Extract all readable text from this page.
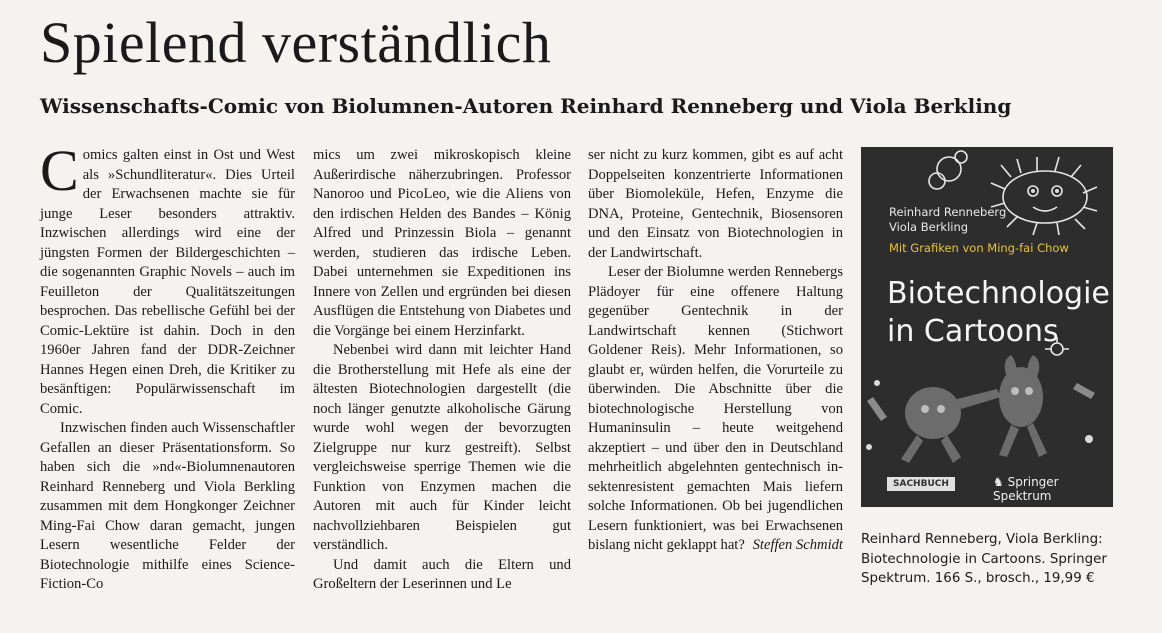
Spielend verständlich
Wissenschafts-Comic von Biolumnen-Autoren Reinhard Renneberg und Viola Berkling

Comics galten einst in Ost und West als »Schundliteratur«. Dies Urteil der Erwachsenen machte sie für junge Leser besonders attraktiv. Inzwischen allerdings wird eine der jüngsten Formen der Bildergeschichten – die sogenannten Graphic Novels – auch im Feuilleton der Qualitätszeitungen besprochen. Das rebellische Gefühl bei der Comic-Lektüre ist dahin. Doch in den 1960er Jahren fand der DDR-Zeichner Hannes Hegen einen Dreh, die Kritiker zu besänftigen: Populärwissenschaft im Comic.

Inzwischen finden auch Wissenschaftler Gefallen an dieser Präsentationsform. So haben sich die »nd«-Biolumnenautoren Reinhard Renneberg und Viola Berkling zusammen mit dem Hongkonger Zeichner Ming-Fai Chow daran gemacht, jungen Lesern wesentliche Felder der Biotechnologie mithilfe eines Science-Fiction-Co

mics um zwei mikroskopisch kleine Außerirdische näherzubringen. Professor Nanoroo und PicoLeo, wie die Aliens von den irdischen Helden des Bandes – König Alfred und Prinzessin Biola – genannt werden, studieren das irdische Leben. Dabei unternehmen sie Expeditionen ins Innere von Zellen und ergründen bei diesen Ausflügen die Entstehung von Diabetes und die Vorgänge bei einem Herzinfarkt.

Nebenbei wird dann mit leichter Hand die Brotherstellung mit Hefe als eine der ältesten Biotechnologien dargestellt (die noch länger genutzte alkoholische Gärung wurde wohl wegen der bevorzugten Zielgruppe nur kurz gestreift). Selbst vergleichsweise sperrige Themen wie die Funktion von Enzymen machen die Autoren mit auch für Kinder leicht nachvollziehbaren Beispielen gut verständlich.

Und damit auch die Eltern und Großeltern der Leserinnen und Le

ser nicht zu kurz kommen, gibt es auf acht Doppelseiten konzentrierte Informationen über Biomoleküle, Hefen, Enzyme die DNA, Proteine, Gentechnik, Biosensoren und den Einsatz von Biotechnologien in der Landwirtschaft.

Leser der Biolumne werden Rennebergs Plädoyer für eine offenere Haltung gegenüber Gentechnik in der Landwirtschaft kennen (Stichwort Goldener Reis). Mehr Informationen, so glaubt er, würden helfen, die Vorurteile zu überwinden. Die Abschnitte über die biotechnologische Herstellung von Humaninsulin – heute weitgehend akzeptiert – und über den in Deutschland mehrheitlich abgelehnten gentechnisch insektenresistent gemachten Mais liefern solche Informationen. Ob bei jugendlichen Lesern funktioniert, was bei Erwachsenen bislang nicht geklappt hat? Steffen Schmidt
Reinhard Renneberg
Viola Berkling
Mit Grafiken von Ming-fai Chow
Biotechnologie
in Cartoons
SACHBUCH	♞ Springer Spektrum
Reinhard Renneberg, Viola Berkling:
Biotechnologie in Cartoons. Springer
Spektrum. 166 S., brosch., 19,99 €
